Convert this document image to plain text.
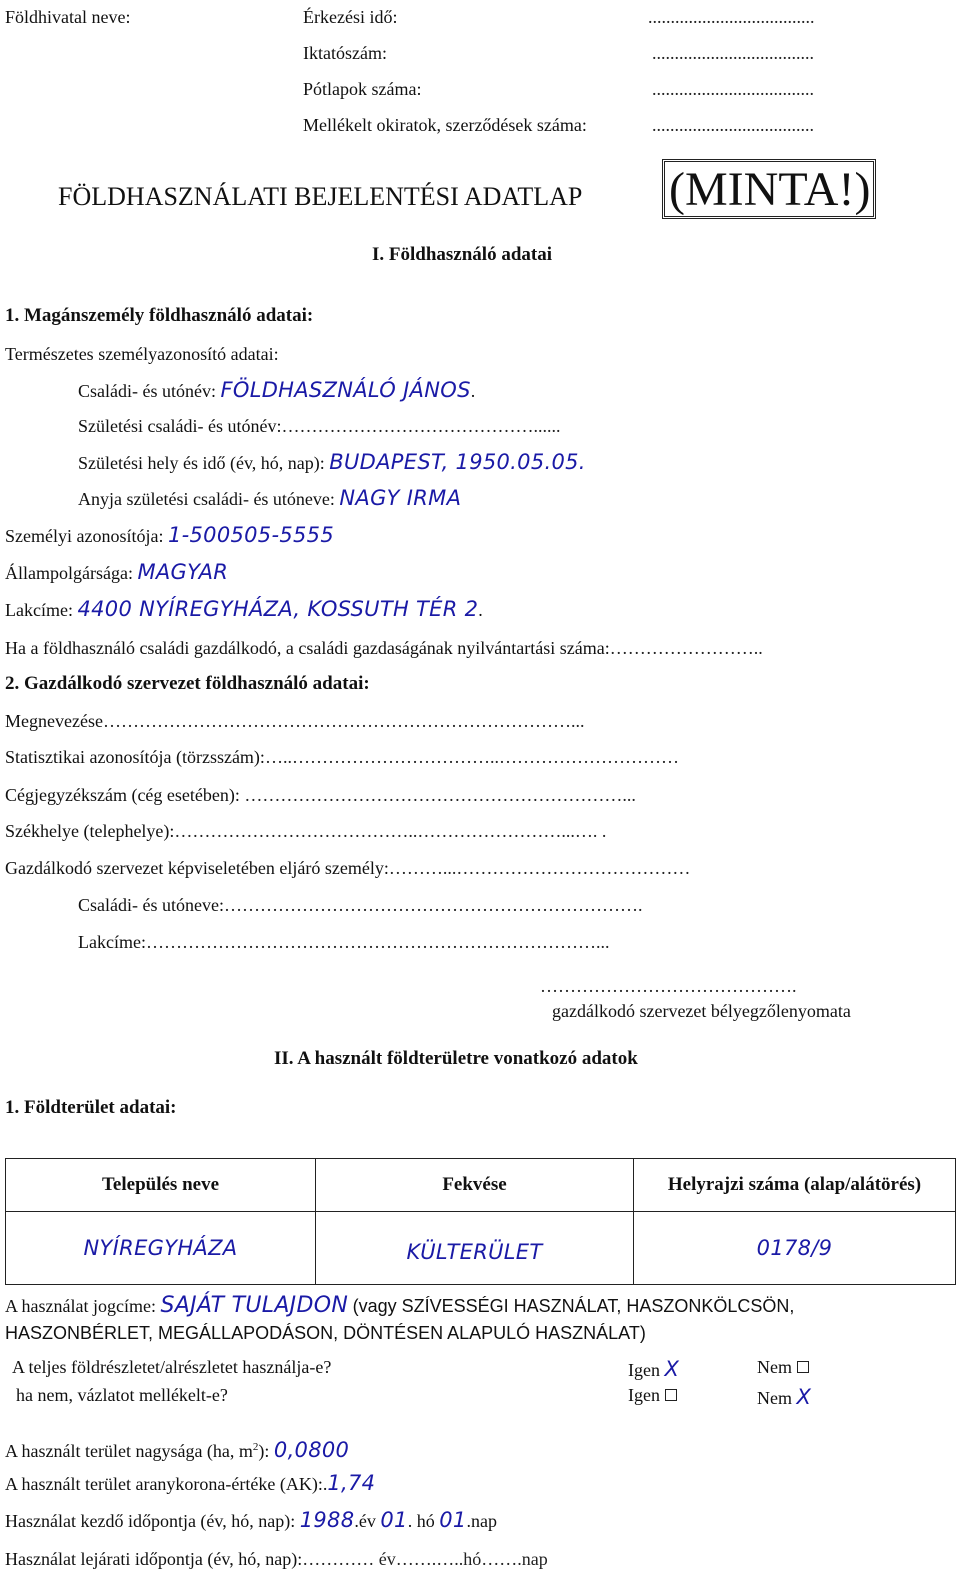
Földhivatal neve:	Érkezési idő:	.....................................
Iktatószám:	....................................
Pótlapok száma:	....................................
Mellékelt okiratok, szerződések száma:	....................................
FÖLDHASZNÁLATI BEJELENTÉSI ADATLAP (MINTA!)
I. Földhasználó adatai
1. Magánszemély földhasználó adatai:
Természetes személyazonosító adatai:
Családi- és utónév: FÖLDHASZNÁLÓ JÁNOS.
Születési családi- és utónév:……………………………………......
Születési hely és idő (év, hó, nap): BUDAPEST, 1950.05.05.
Anyja születési családi- és utóneve: NAGY IRMA
Személyi azonosítója: 1-500505-5555
Állampolgársága: MAGYAR
Lakcíme: 4400 NYÍREGYHÁZA, KOSSUTH TÉR 2.
Ha a földhasználó családi gazdálkodó, a családi gazdaságának nyilvántartási száma:……………………..
2. Gazdálkodó szervezet földhasználó adatai:
Megnevezése……………………………………………………………………...
Statisztikai azonosítója (törzsszám):…..……………………………..…………………………
Cégjegyzékszám (cég esetében): ………………………………………………………...
Székhelye (telephelye):…………………………………..……………………...…. .
Gazdálkodó szervezet képviseletében eljáró személy:………...…………………………………
Családi- és utóneve:…………………………………………………………….
Lakcíme:…………………………………………………………………...
…………………………………….
gazdálkodó szervezet bélyegzőlenyomata
II. A használt földterületre vonatkozó adatok
1. Földterület adatai:
Település neve	Fekvése	Helyrajzi száma (alap/alátörés)
NYÍREGYHÁZA	KÜLTERÜLET	0178/9
A használat jogcíme: SAJÁT TULAJDON (vagy SZÍVESSÉGI HASZNÁLAT, HASZONKÖLCSÖN,
HASZONBÉRLET, MEGÁLLAPODÁSON, DÖNTÉSEN ALAPULÓ HASZNÁLAT)
A teljes földrészletet/alrészletet használja-e?	Igen X	Nem
ha nem, vázlatot mellékelt-e?	Igen	Nem X
A használt terület nagysága (ha, $m^2$): 0,0800
A használt terület aranykorona-értéke (AK):.1,74
Használat kezdő időpontja (év, hó, nap): 1988.év 01. hó 01.nap
Használat lejárati időpontja (év, hó, nap):………… év…….…..hó…….nap
